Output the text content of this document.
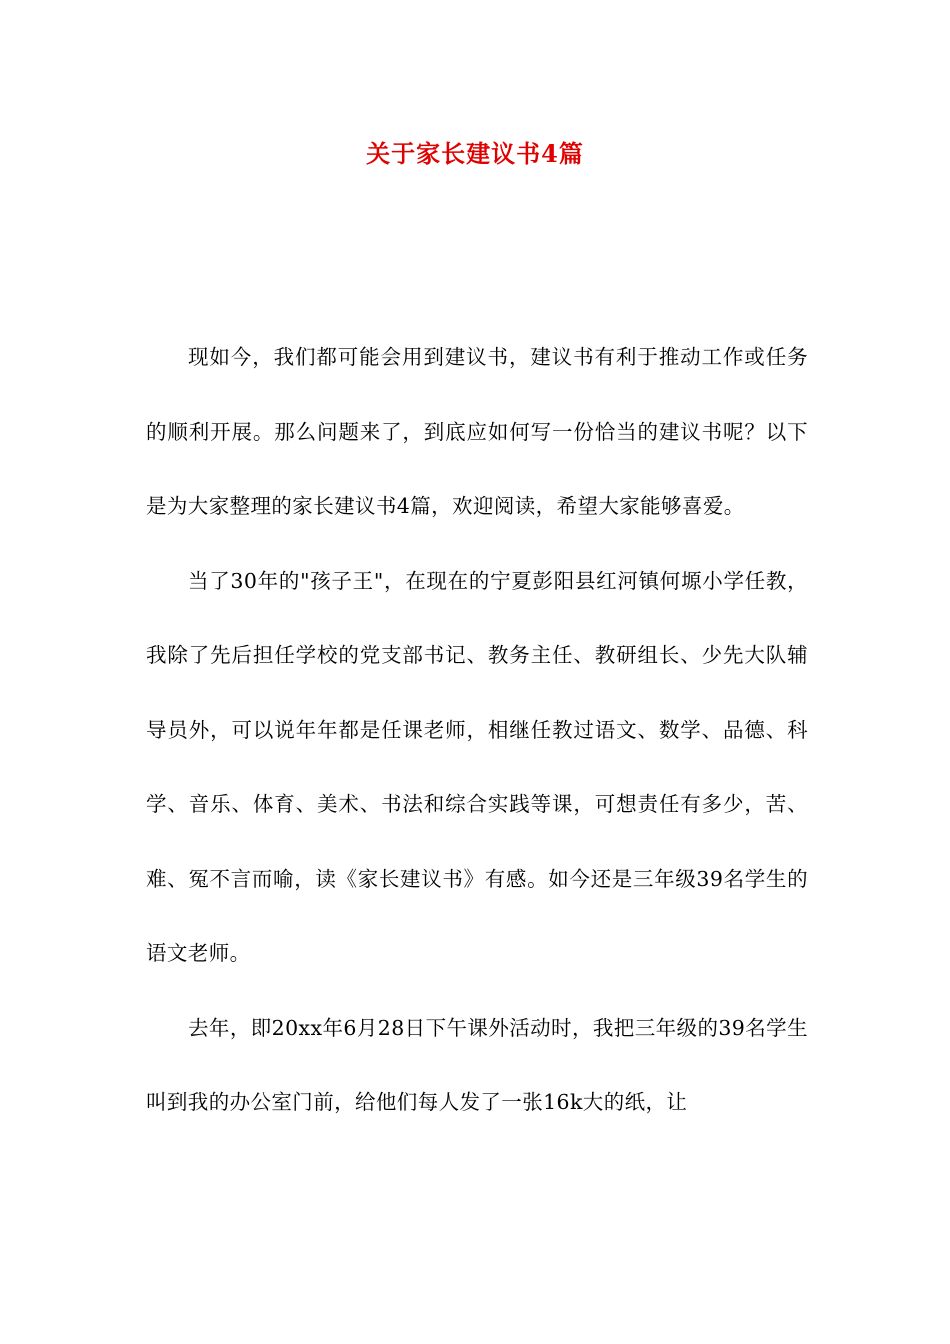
关于家长建议书4篇

现如今，我们都可能会用到建议书，建议书有利于推动工作或任务的顺利开展。那么问题来了，到底应如何写一份恰当的建议书呢？以下是为大家整理的家长建议书4篇，欢迎阅读，希望大家能够喜爱。

当了30年的"孩子王"，在现在的宁夏彭阳县红河镇何塬小学任教，我除了先后担任学校的党支部书记、教务主任、教研组长、少先大队辅导员外，可以说年年都是任课老师，相继任教过语文、数学、品德、科学、音乐、体育、美术、书法和综合实践等课，可想责任有多少，苦、难、冤不言而喻，读《家长建议书》有感。如今还是三年级39名学生的语文老师。

去年，即20xx年6月28日下午课外活动时，我把三年级的39名学生叫到我的办公室门前，给他们每人发了一张16k大的纸，让
